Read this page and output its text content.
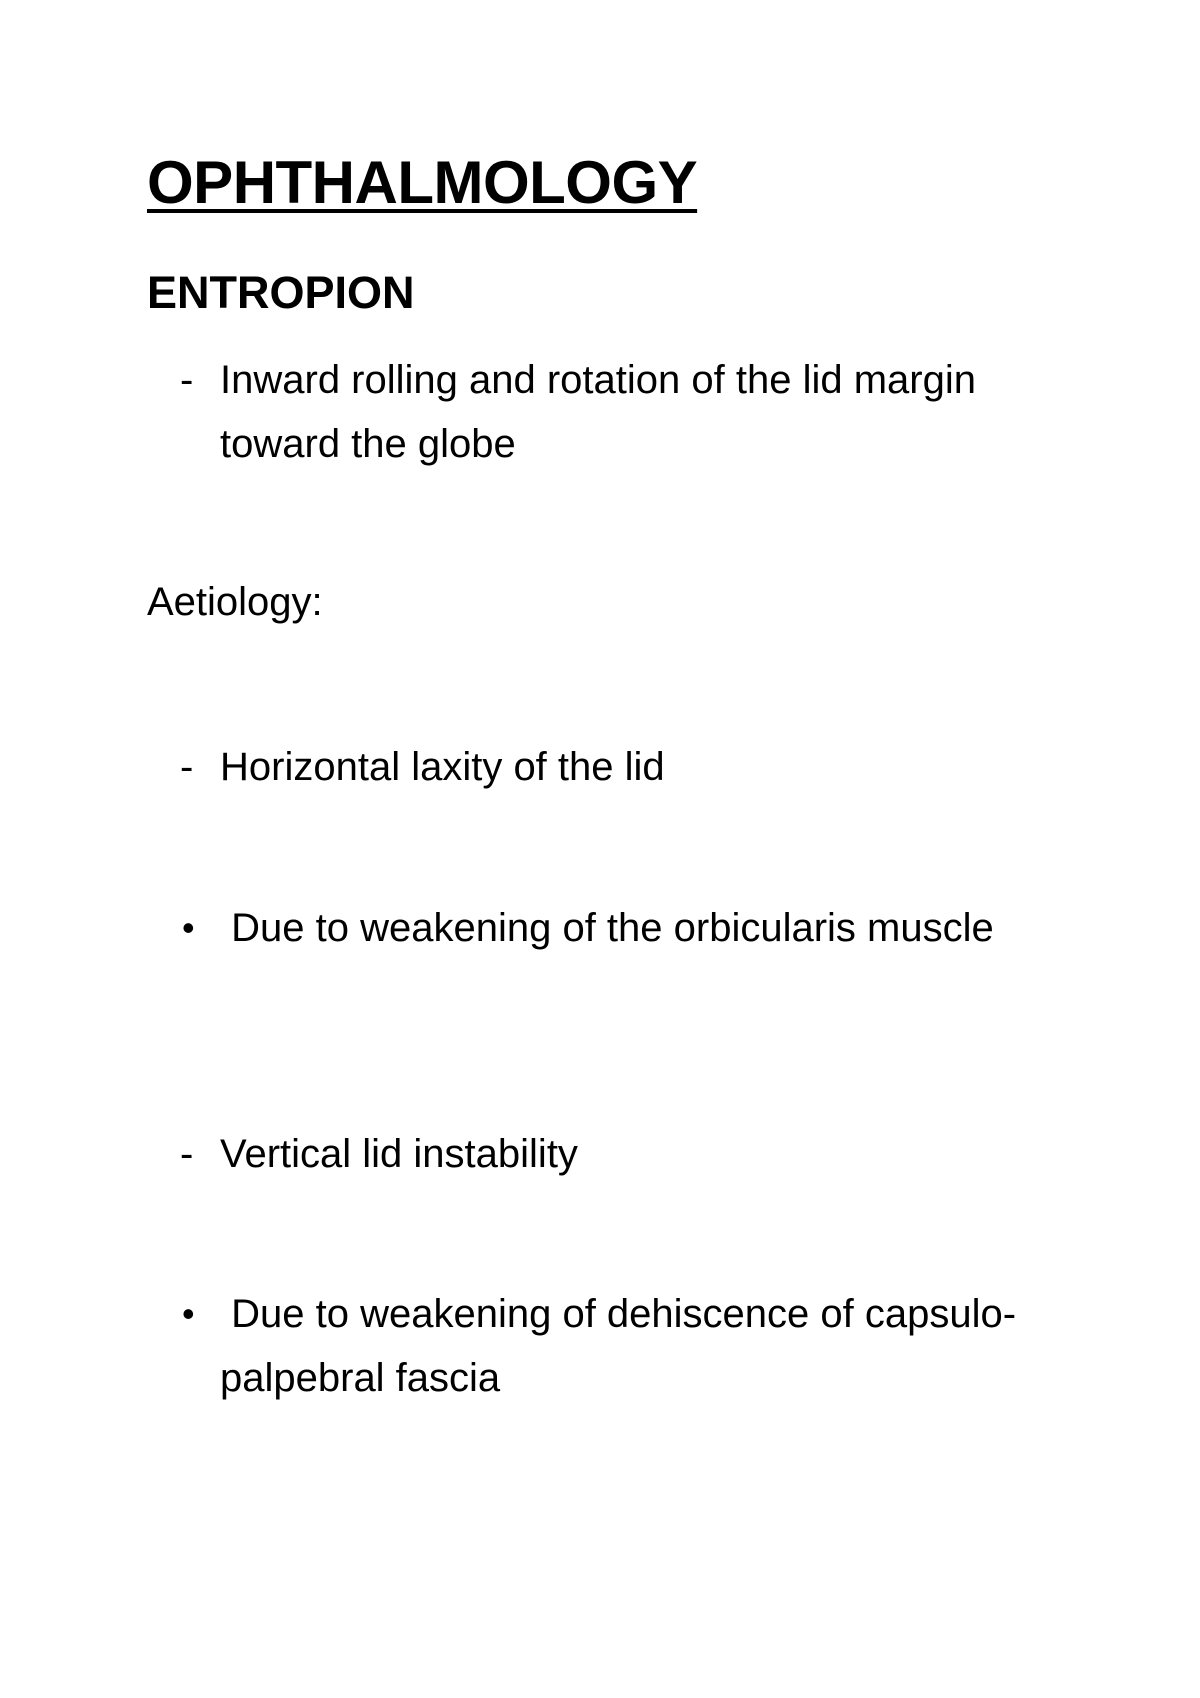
OPHTHALMOLOGY
ENTROPION
- Inward rolling and rotation of the lid margin toward the globe
Aetiology:
- Horizontal laxity of the lid
• Due to weakening of the orbicularis muscle
- Vertical lid instability
• Due to weakening of dehiscence of capsulo-palpebral fascia
